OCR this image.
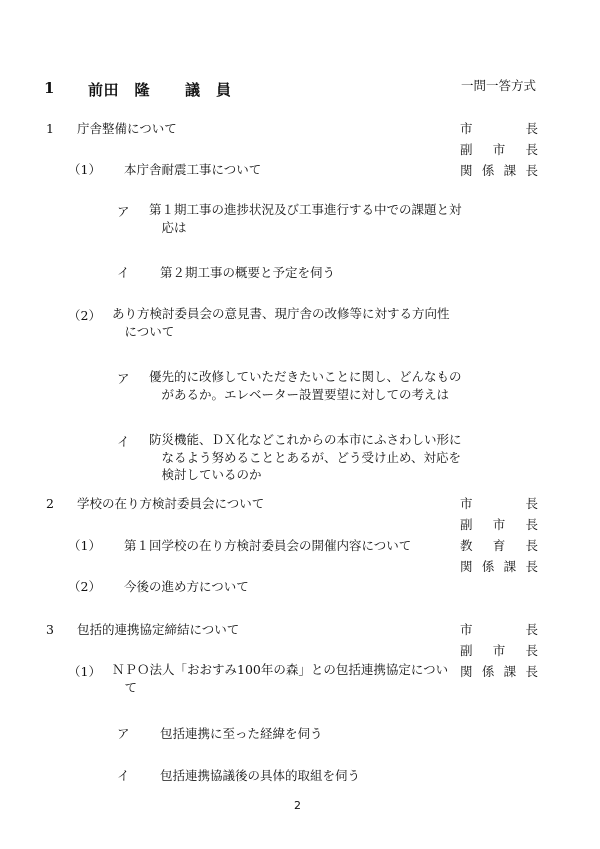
1 前田　隆 議　員	一問一答方式
1 庁舎整備について	市長
副市長
関係課長
（1） 本庁舎耐震工事について
ア 第１期工事の進捗状況及び工事進行する中での課題と対応は
イ 第２期工事の概要と予定を伺う
（2） あり方検討委員会の意見書、現庁舎の改修等に対する方向性について
ア 優先的に改修していただきたいことに関し、どんなものがあるか。エレベーター設置要望に対しての考えは
イ 防災機能、ＤＸ化などこれからの本市にふさわしい形になるよう努めることとあるが、どう受け止め、対応を検討しているのか
2 学校の在り方検討委員会について	市長
副市長
教育長
関係課長
（1） 第１回学校の在り方検討委員会の開催内容について
（2） 今後の進め方について
3 包括的連携協定締結について	市長
副市長
関係課長
（1） ＮＰＯ法人「おおすみ100年の森」との包括連携協定について
ア 包括連携に至った経緯を伺う
イ 包括連携協議後の具体的取組を伺う
2
